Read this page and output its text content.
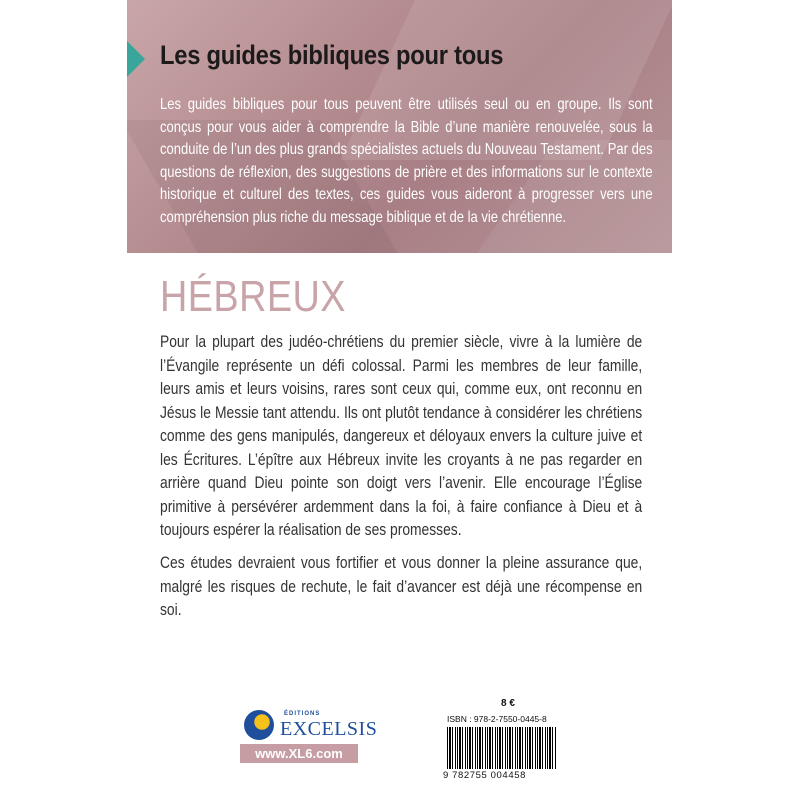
Les guides bibliques pour tous

Les guides bibliques pour tous peuvent être utilisés seul ou en groupe. Ils sont conçus pour vous aider à comprendre la Bible d’une manière renouvelée, sous la conduite de l’un des plus grands spécialistes actuels du Nouveau Testament. Par des questions de réflexion, des suggestions de prière et des informations sur le contexte historique et culturel des textes, ces guides vous aideront à progresser vers une compréhension plus riche du message biblique et de la vie chrétienne.

HÉBREUX

Pour la plupart des judéo-chrétiens du premier siècle, vivre à la lumière de l’Évangile représente un défi colossal. Parmi les membres de leur famille, leurs amis et leurs voisins, rares sont ceux qui, comme eux, ont reconnu en Jésus le Messie tant attendu. Ils ont plutôt tendance à considérer les chrétiens comme des gens manipulés, dangereux et déloyaux envers la culture juive et les Écritures. L’épître aux Hébreux invite les croyants à ne pas regarder en arrière quand Dieu pointe son doigt vers l’avenir. Elle encourage l’Église primitive à persévérer ardemment dans la foi, à faire confiance à Dieu et à toujours espérer la réalisation de ses promesses.

Ces études devraient vous fortifier et vous donner la pleine assurance que, malgré les risques de rechute, le fait d’avancer est déjà une récompense en soi.

ÉDITIONS
EXCELSIS
www.XL6.com
8 €
ISBN : 978-2-7550-0445-8
9 782755 004458
